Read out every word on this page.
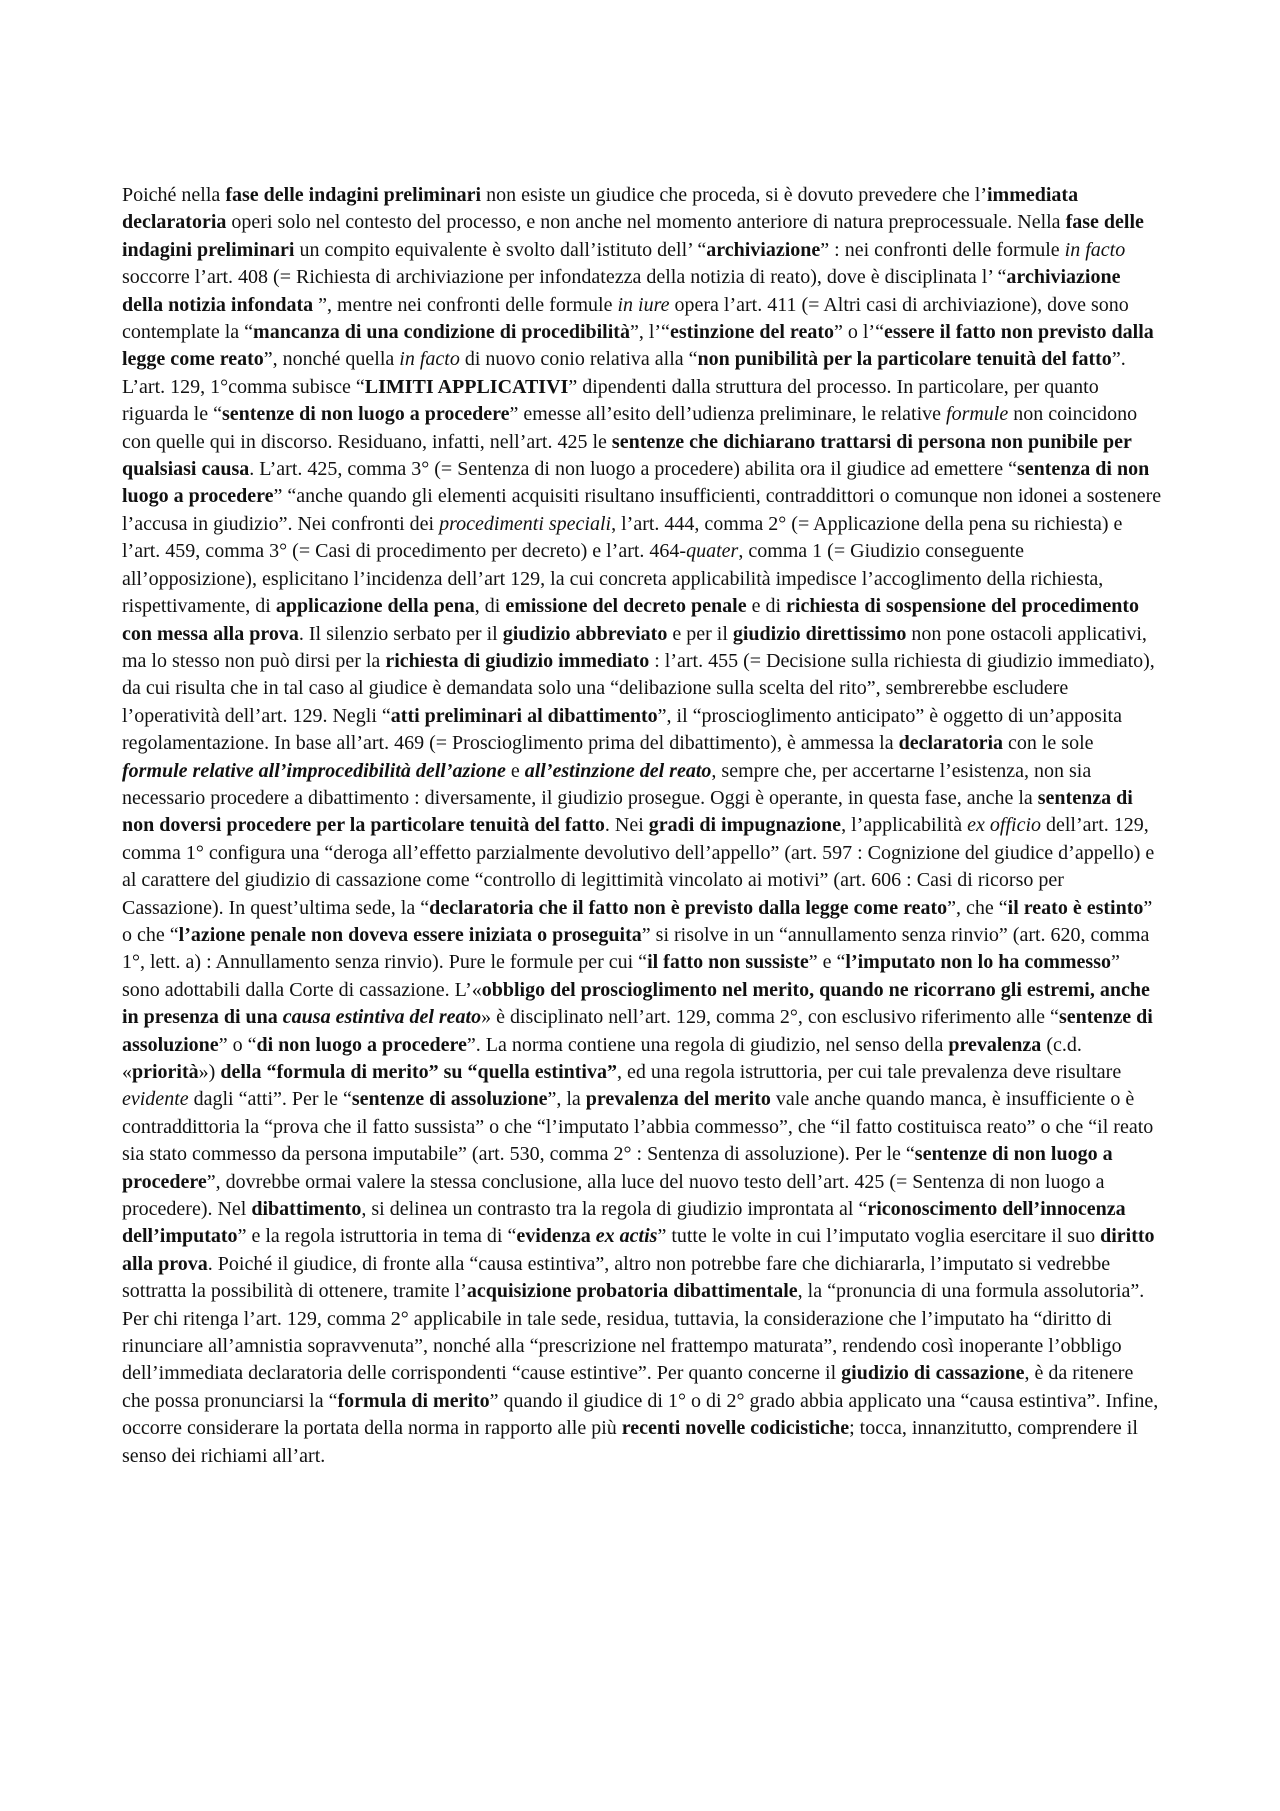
Poiché nella fase delle indagini preliminari non esiste un giudice che proceda, si è dovuto prevedere che l’immediata declaratoria operi solo nel contesto del processo, e non anche nel momento anteriore di natura preprocessuale. Nella fase delle indagini preliminari un compito equivalente è svolto dall’istituto dell’ “archiviazione” : nei confronti delle formule in facto soccorre l’art. 408 (= Richiesta di archiviazione per infondatezza della notizia di reato), dove è disciplinata l’ “archiviazione della notizia infondata ”, mentre nei confronti delle formule in iure opera l’art. 411 (= Altri casi di archiviazione), dove sono contemplate la “mancanza di una condizione di procedibilità”, l’“estinzione del reato” o l’“essere il fatto non previsto dalla legge come reato”, nonché quella in facto di nuovo conio relativa alla “non punibilità per la particolare tenuità del fatto”. L’art. 129, 1°comma subisce “LIMITI APPLICATIVI” dipendenti dalla struttura del processo. In particolare, per quanto riguarda le “sentenze di non luogo a procedere” emesse all’esito dell’udienza preliminare, le relative formule non coincidono con quelle qui in discorso. Residuano, infatti, nell’art. 425 le sentenze che dichiarano trattarsi di persona non punibile per qualsiasi causa. L’art. 425, comma 3° (= Sentenza di non luogo a procedere) abilita ora il giudice ad emettere “sentenza di non luogo a procedere” “anche quando gli elementi acquisiti risultano insufficienti, contraddittori o comunque non idonei a sostenere l’accusa in giudizio”. Nei confronti dei procedimenti speciali, l’art. 444, comma 2° (= Applicazione della pena su richiesta) e l’art. 459, comma 3° (= Casi di procedimento per decreto) e l’art. 464-quater, comma 1 (= Giudizio conseguente all’opposizione), esplicitano l’incidenza dell’art 129, la cui concreta applicabilità impedisce l’accoglimento della richiesta, rispettivamente, di applicazione della pena, di emissione del decreto penale e di richiesta di sospensione del procedimento con messa alla prova. Il silenzio serbato per il giudizio abbreviato e per il giudizio direttissimo non pone ostacoli applicativi, ma lo stesso non può dirsi per la richiesta di giudizio immediato : l’art. 455 (= Decisione sulla richiesta di giudizio immediato), da cui risulta che in tal caso al giudice è demandata solo una “delibazione sulla scelta del rito”, sembrerebbe escludere l’operatività dell’art. 129. Negli “atti preliminari al dibattimento”, il “proscioglimento anticipato” è oggetto di un’apposita regolamentazione. In base all’art. 469 (= Proscioglimento prima del dibattimento), è ammessa la declaratoria con le sole formule relative all’improcedibilità dell’azione e all’estinzione del reato, sempre che, per accertarne l’esistenza, non sia necessario procedere a dibattimento : diversamente, il giudizio prosegue. Oggi è operante, in questa fase, anche la sentenza di non doversi procedere per la particolare tenuità del fatto. Nei gradi di impugnazione, l’applicabilità ex officio dell’art. 129, comma 1° configura una “deroga all’effetto parzialmente devolutivo dell’appello” (art. 597 : Cognizione del giudice d’appello) e al carattere del giudizio di cassazione come “controllo di legittimità vincolato ai motivi” (art. 606 : Casi di ricorso per Cassazione). In quest’ultima sede, la “declaratoria che il fatto non è previsto dalla legge come reato”, che “il reato è estinto” o che “l’azione penale non doveva essere iniziata o proseguita” si risolve in un “annullamento senza rinvio” (art. 620, comma 1°, lett. a) : Annullamento senza rinvio). Pure le formule per cui “il fatto non sussiste” e “l’imputato non lo ha commesso” sono adottabili dalla Corte di cassazione. L’«obbligo del proscioglimento nel merito, quando ne ricorrano gli estremi, anche in presenza di una causa estintiva del reato» è disciplinato nell’art. 129, comma 2°, con esclusivo riferimento alle “sentenze di assoluzione” o “di non luogo a procedere”. La norma contiene una regola di giudizio, nel senso della prevalenza (c.d. «priorità») della “formula di merito” su “quella estintiva”, ed una regola istruttoria, per cui tale prevalenza deve risultare evidente dagli “atti”. Per le “sentenze di assoluzione”, la prevalenza del merito vale anche quando manca, è insufficiente o è contraddittoria la “prova che il fatto sussista” o che “l’imputato l’abbia commesso”, che “il fatto costituisca reato” o che “il reato sia stato commesso da persona imputabile” (art. 530, comma 2° : Sentenza di assoluzione). Per le “sentenze di non luogo a procedere”, dovrebbe ormai valere la stessa conclusione, alla luce del nuovo testo dell’art. 425 (= Sentenza di non luogo a procedere). Nel dibattimento, si delinea un contrasto tra la regola di giudizio improntata al “riconoscimento dell’innocenza dell’imputato” e la regola istruttoria in tema di “evidenza ex actis” tutte le volte in cui l’imputato voglia esercitare il suo diritto alla prova. Poiché il giudice, di fronte alla “causa estintiva”, altro non potrebbe fare che dichiararla, l’imputato si vedrebbe sottratta la possibilità di ottenere, tramite l’acquisizione probatoria dibattimentale, la “pronuncia di una formula assolutoria”. Per chi ritenga l’art. 129, comma 2° applicabile in tale sede, residua, tuttavia, la considerazione che l’imputato ha “diritto di rinunciare all’amnistia sopravvenuta”, nonché alla “prescrizione nel frattempo maturata”, rendendo così inoperante l’obbligo dell’immediata declaratoria delle corrispondenti “cause estintive”. Per quanto concerne il giudizio di cassazione, è da ritenere che possa pronunciarsi la “formula di merito” quando il giudice di 1° o di 2° grado abbia applicato una “causa estintiva”. Infine, occorre considerare la portata della norma in rapporto alle più recenti novelle codicistiche; tocca, innanzitutto, comprendere il senso dei richiami all’art.
